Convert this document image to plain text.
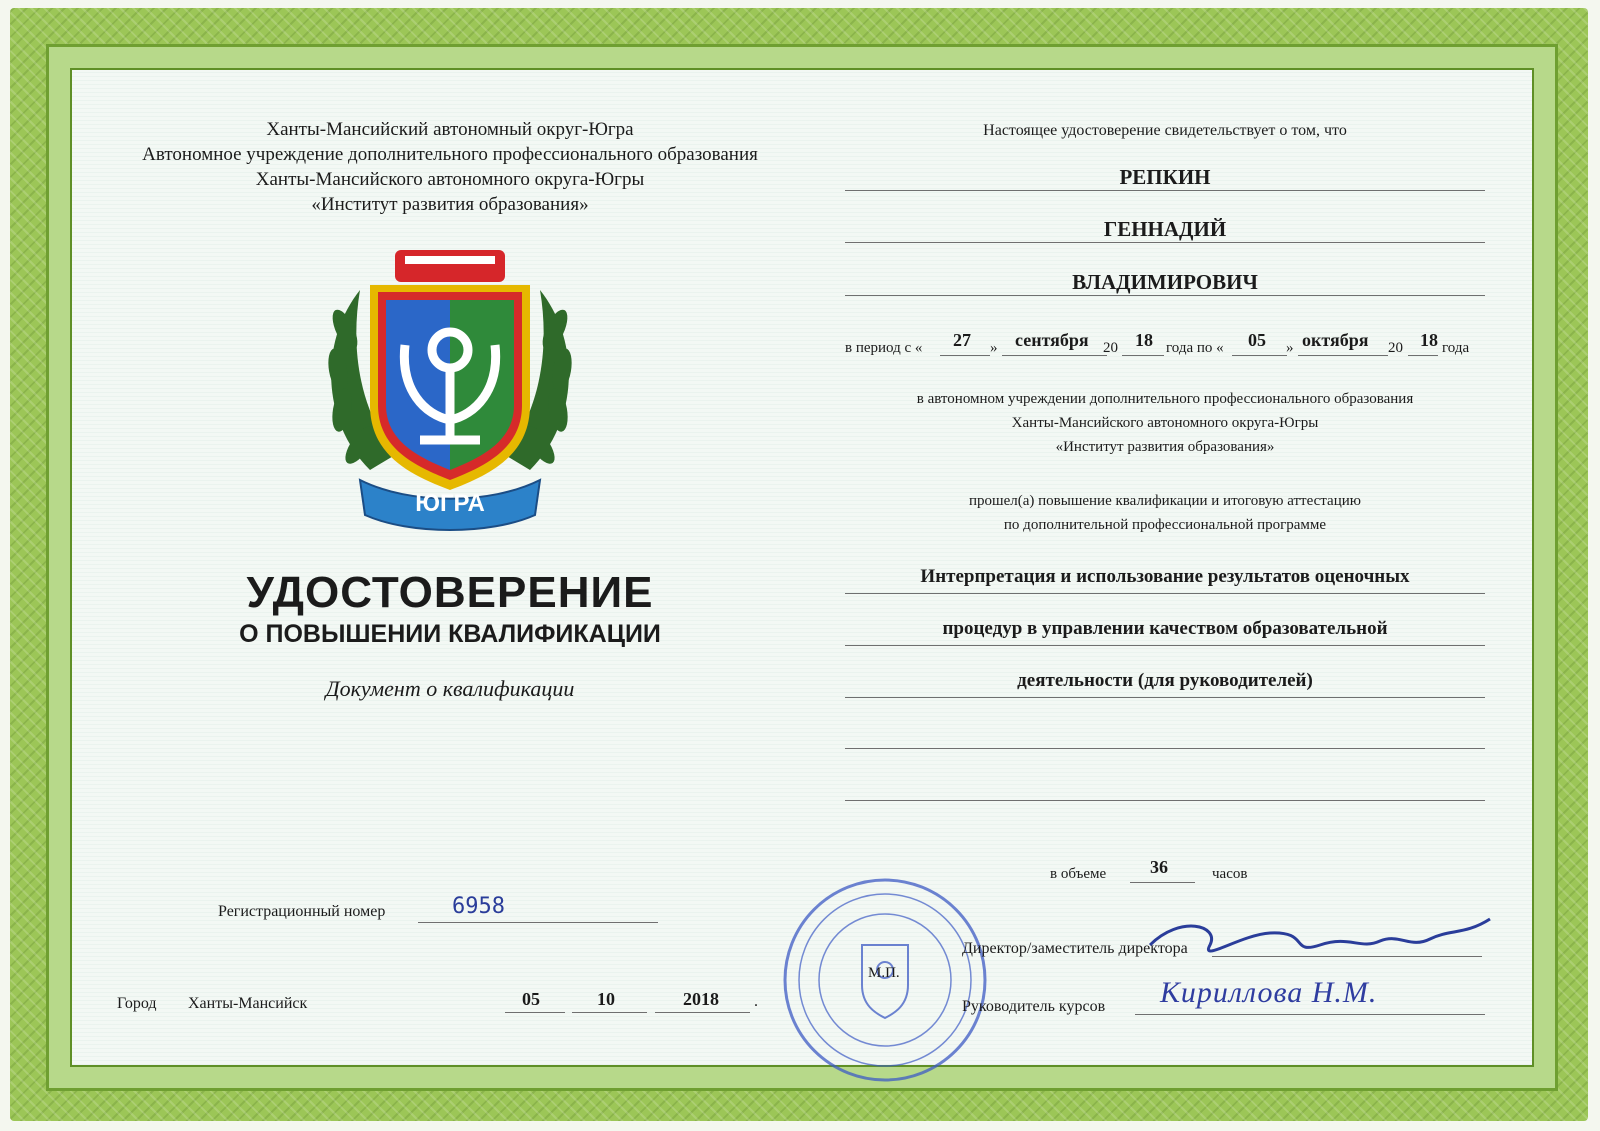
Ханты-Мансийский автономный округ-Югра
Автономное учреждение дополнительного профессионального образования
Ханты-Мансийского автономного округа-Югры
«Институт развития образования»
ЮГРА
УДОСТОВЕРЕНИЕ
О ПОВЫШЕНИИ КВАЛИФИКАЦИИ
Документ о квалификации
Регистрационный номер	6958
Город Ханты-Мансийск	05	10	2018 .
Настоящее удостоверение свидетельствует о том, что
РЕПКИН
ГЕННАДИЙ
ВЛАДИМИРОВИЧ
в период с « 27 » сентября 20 18 года по « 05 » октября 20 18 года
в автономном учреждении дополнительного профессионального образования
Ханты-Мансийского автономного округа-Югры
«Институт развития образования»
прошел(а) повышение квалификации и итоговую аттестацию
по дополнительной профессиональной программе
Интерпретация и использование результатов оценочных
процедур в управлении качеством образовательной
деятельности (для руководителей)
в объеме 36	часов
М.П.
Директор/заместитель директора
Руководитель курсов Кириллова Н.М.
